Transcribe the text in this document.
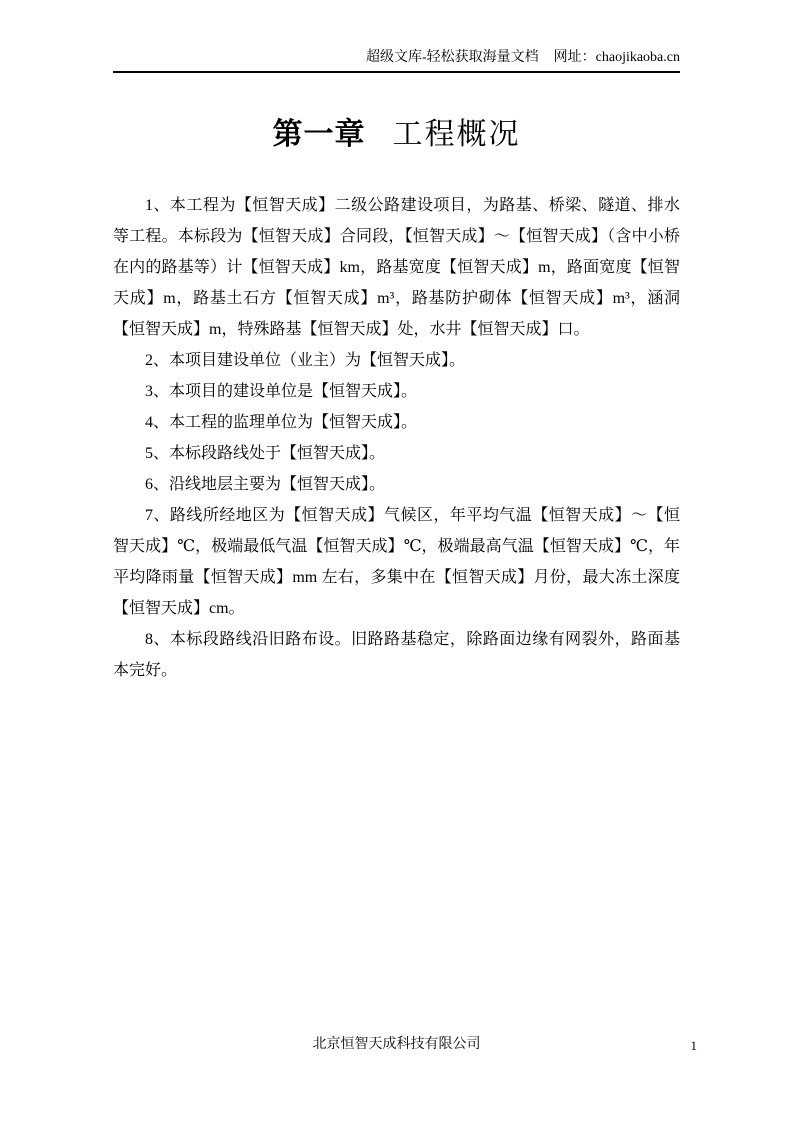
超级文库-轻松获取海量文档 网址：chaojikaoba.cn
第一章 工程概况

1、本工程为【恒智天成】二级公路建设项目，为路基、桥梁、隧道、排水等工程。本标段为【恒智天成】合同段，【恒智天成】～【恒智天成】（含中小桥在内的路基等）计【恒智天成】km，路基宽度【恒智天成】m，路面宽度【恒智天成】m，路基土石方【恒智天成】m³，路基防护砌体【恒智天成】m³，涵洞【恒智天成】m，特殊路基【恒智天成】处，水井【恒智天成】口。

2、本项目建设单位（业主）为【恒智天成】。

3、本项目的建设单位是【恒智天成】。

4、本工程的监理单位为【恒智天成】。

5、本标段路线处于【恒智天成】。

6、沿线地层主要为【恒智天成】。

7、路线所经地区为【恒智天成】气候区，年平均气温【恒智天成】～【恒智天成】℃，极端最低气温【恒智天成】℃，极端最高气温【恒智天成】℃，年平均降雨量【恒智天成】mm 左右，多集中在【恒智天成】月份，最大冻土深度【恒智天成】cm。

8、本标段路线沿旧路布设。旧路路基稳定，除路面边缘有网裂外，路面基本完好。

北京恒智天成科技有限公司	1
